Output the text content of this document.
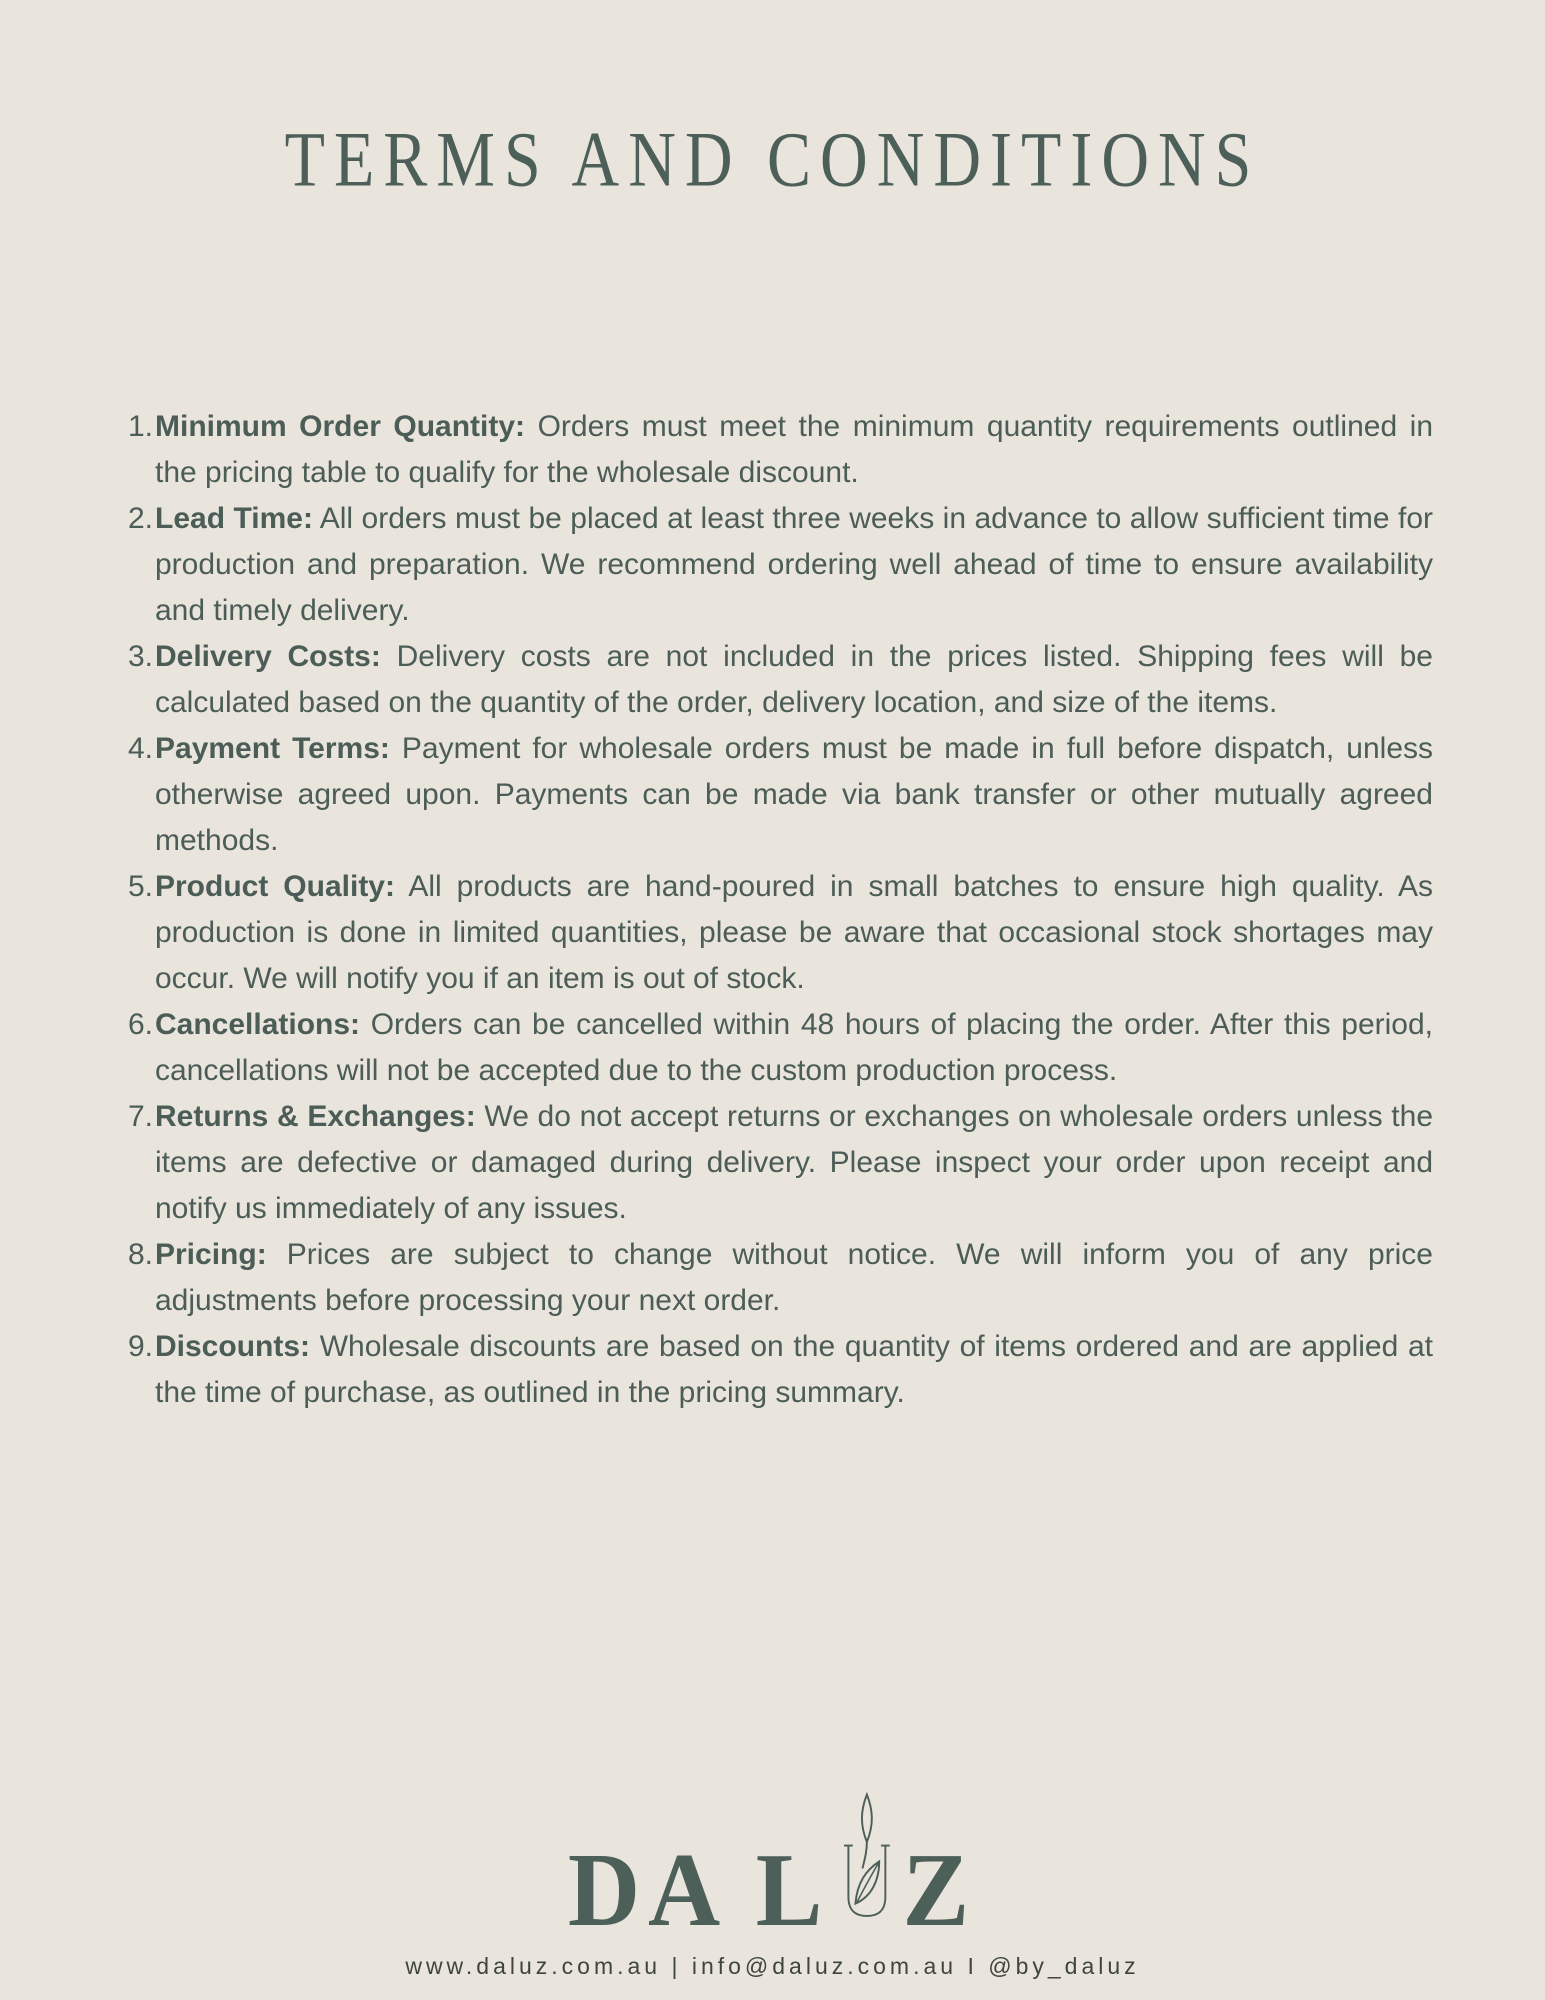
TERMS AND CONDITIONS
1. Minimum Order Quantity: Orders must meet the minimum quantity requirements outlined in the pricing table to qualify for the wholesale discount.
2. Lead Time: All orders must be placed at least three weeks in advance to allow sufficient time for production and preparation. We recommend ordering well ahead of time to ensure availability and timely delivery.
3. Delivery Costs: Delivery costs are not included in the prices listed. Shipping fees will be calculated based on the quantity of the order, delivery location, and size of the items.
4. Payment Terms: Payment for wholesale orders must be made in full before dispatch, unless otherwise agreed upon. Payments can be made via bank transfer or other mutually agreed methods.
5. Product Quality: All products are hand-poured in small batches to ensure high quality. As production is done in limited quantities, please be aware that occasional stock shortages may occur. We will notify you if an item is out of stock.
6. Cancellations: Orders can be cancelled within 48 hours of placing the order. After this period, cancellations will not be accepted due to the custom production process.
7. Returns & Exchanges: We do not accept returns or exchanges on wholesale orders unless the items are defective or damaged during delivery. Please inspect your order upon receipt and notify us immediately of any issues.
8. Pricing: Prices are subject to change without notice. We will inform you of any price adjustments before processing your next order.
9. Discounts: Wholesale discounts are based on the quantity of items ordered and are applied at the time of purchase, as outlined in the pricing summary.
DA L Z
www.daluz.com.au | info@daluz.com.au I @by_daluz
